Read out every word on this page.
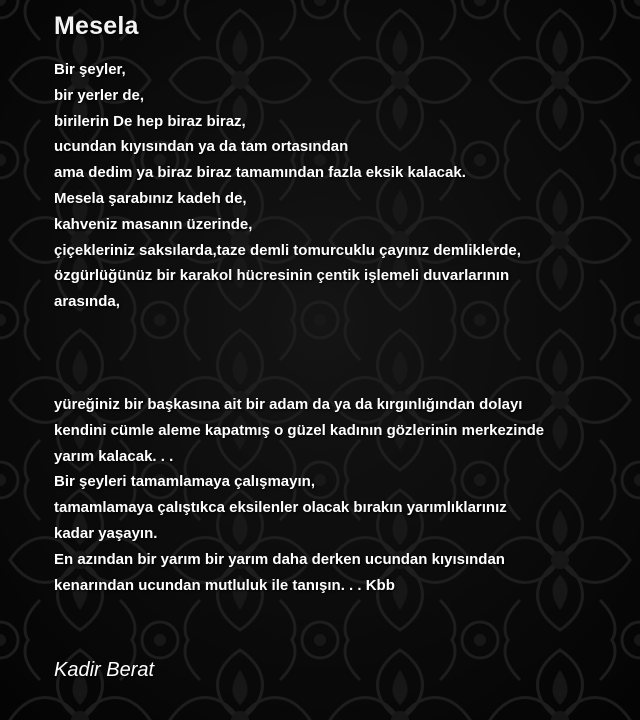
Mesela
Bir şeyler,
bir yerler de,
birilerin De hep biraz biraz,
ucundan kıyısından ya da tam ortasından
ama dedim ya biraz biraz tamamından fazla eksik kalacak.
Mesela şarabınız kadeh de,
kahveniz masanın üzerinde,
çiçekleriniz saksılarda,taze demli tomurcuklu çayınız demliklerde,
özgürlüğünüz bir karakol hücresinin çentik işlemeli duvarlarının
arasında,
yüreğiniz bir başkasına ait bir adam da ya da kırgınlığından dolayı
kendini cümle aleme kapatmış o güzel kadının gözlerinin merkezinde
yarım kalacak. . .
Bir şeyleri tamamlamaya çalışmayın,
tamamlamaya çalıştıkca eksilenler olacak bırakın yarımlıklarınız
kadar yaşayın.
En azından bir yarım bir yarım daha derken ucundan kıyısından
kenarından ucundan mutluluk ile tanışın. . . Kbb
Kadir Berat
